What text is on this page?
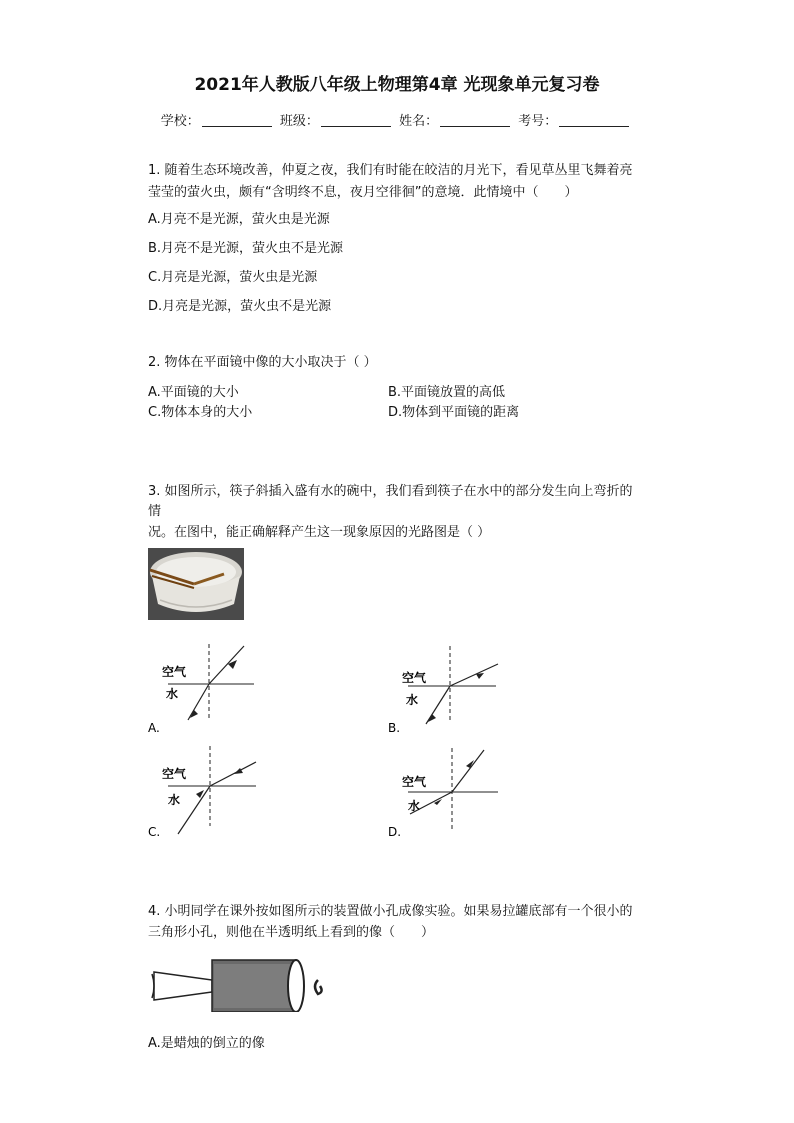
2021年人教版八年级上物理第4章 光现象单元复习卷
学校：	班级：	姓名：	考号：
1. 随着生态环境改善，仲夏之夜，我们有时能在皎洁的月光下，看见草丛里飞舞着亮
莹莹的萤火虫，颇有“含明终不息，夜月空徘徊”的意境．此情境中（　　）
A.月亮不是光源，萤火虫是光源
B.月亮不是光源，萤火虫不是光源
C.月亮是光源，萤火虫是光源
D.月亮是光源，萤火虫不是光源
2. 物体在平面镜中像的大小取决于（ ）
A.平面镜的大小	B.平面镜放置的高低
C.物体本身的大小	D.物体到平面镜的距离
3. 如图所示，筷子斜插入盛有水的碗中，我们看到筷子在水中的部分发生向上弯折的
情
况。在图中，能正确解释产生这一现象原因的光路图是（ ）
空气
水
A.
空气
水
B.
空气
水
C.
空气
水
D.
4. 小明同学在课外按如图所示的装置做小孔成像实验。如果易拉罐底部有一个很小的
三角形小孔，则他在半透明纸上看到的像（　　）
A.是蜡烛的倒立的像
